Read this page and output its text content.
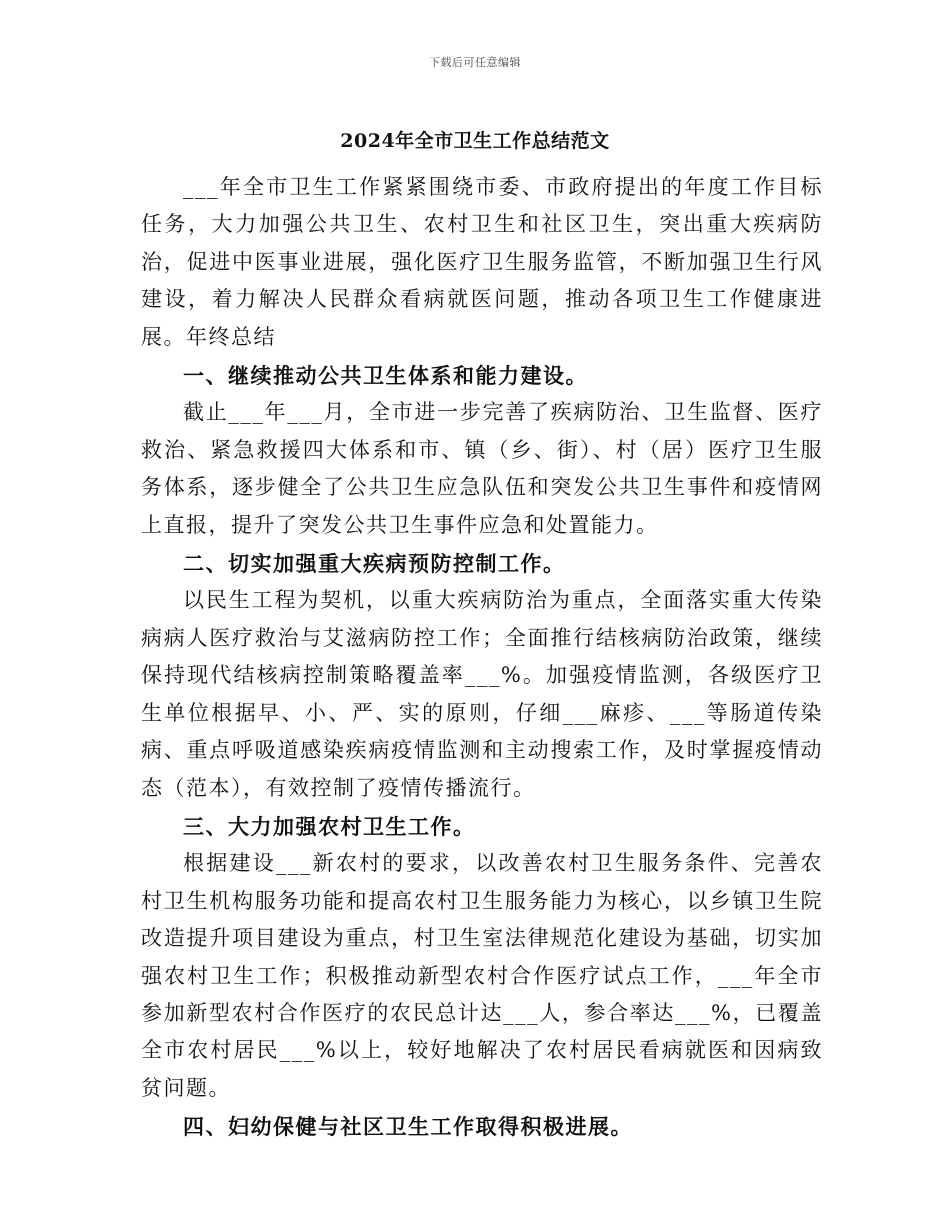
下载后可任意编辑
2024年全市卫生工作总结范文

___年全市卫生工作紧紧围绕市委、市政府提出的年度工作目标任务，大力加强公共卫生、农村卫生和社区卫生，突出重大疾病防治，促进中医事业进展，强化医疗卫生服务监管，不断加强卫生行风建设，着力解决人民群众看病就医问题，推动各项卫生工作健康进展。年终总结

一、继续推动公共卫生体系和能力建设。

截止___年___月，全市进一步完善了疾病防治、卫生监督、医疗救治、紧急救援四大体系和市、镇（乡、街）、村（居）医疗卫生服务体系，逐步健全了公共卫生应急队伍和突发公共卫生事件和疫情网上直报，提升了突发公共卫生事件应急和处置能力。

二、切实加强重大疾病预防控制工作。

以民生工程为契机，以重大疾病防治为重点，全面落实重大传染病病人医疗救治与艾滋病防控工作；全面推行结核病防治政策，继续保持现代结核病控制策略覆盖率___%。加强疫情监测，各级医疗卫生单位根据早、小、严、实的原则，仔细___麻疹、___等肠道传染病、重点呼吸道感染疾病疫情监测和主动搜索工作，及时掌握疫情动态（范本），有效控制了疫情传播流行。

三、大力加强农村卫生工作。

根据建设___新农村的要求，以改善农村卫生服务条件、完善农村卫生机构服务功能和提高农村卫生服务能力为核心，以乡镇卫生院改造提升项目建设为重点，村卫生室法律规范化建设为基础，切实加强农村卫生工作；积极推动新型农村合作医疗试点工作，___年全市参加新型农村合作医疗的农民总计达___人，参合率达___%，已覆盖全市农村居民___%以上，较好地解决了农村居民看病就医和因病致贫问题。

四、妇幼保健与社区卫生工作取得积极进展。
